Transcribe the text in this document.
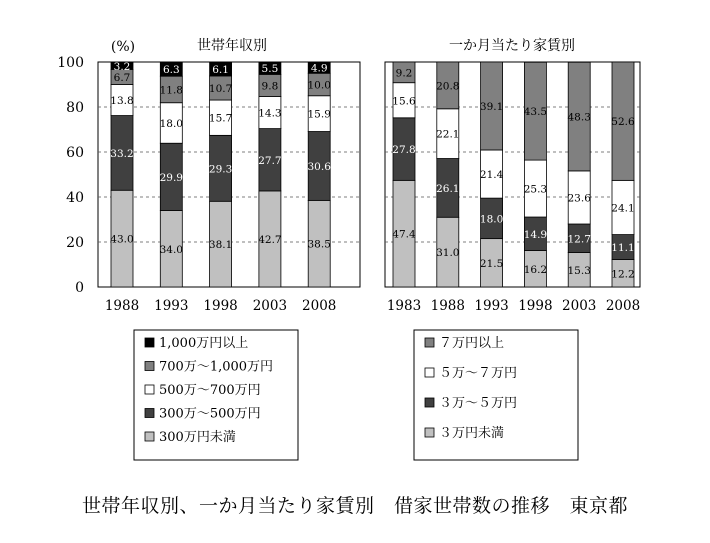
0
20
40
60
80
100
(%)	世帯年収別
43.0
33.2
13.8
6.7
3.2
1988
34.0
29.9
18.0
11.8
6.3
1993
38.1
29.3
15.7
10.7
6.1
1998
42.7
27.7
14.3
9.8
5.5
2003
38.5
30.6
15.9
10.0
4.9
2008
1,000万円以上
700万〜1,000万円
500万〜700万円
300万〜500万円
300万円未満
一か月当たり家賃別
47.4
27.8
15.6
9.2
1983
31.0
26.1
22.1
20.8
1988
21.5
18.0
21.4
39.1
1993
16.2
14.9
25.3
43.5
1998
15.3
12.7
23.6
48.3
2003
12.2
11.1
24.1
52.6
2008
７万円以上
５万〜７万円
３万〜５万円
３万円未満
世帯年収別、一か月当たり家賃別　借家世帯数の推移　東京都
